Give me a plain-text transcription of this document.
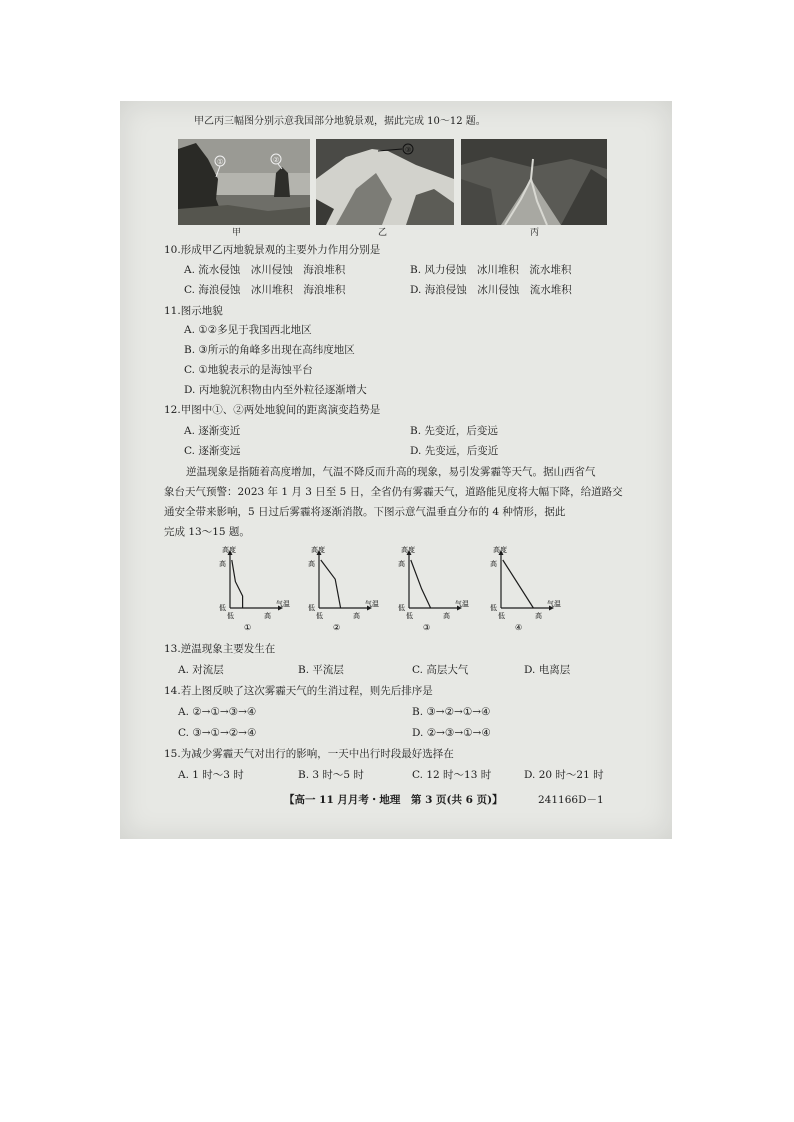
甲乙丙三幅图分别示意我国部分地貌景观，据此完成 10～12 题。
①	②
③
甲	乙	丙
10.形成甲乙丙地貌景观的主要外力作用分别是
A. 流水侵蚀　冰川侵蚀　海浪堆积	B. 风力侵蚀　冰川堆积　流水堆积
C. 海浪侵蚀　冰川堆积　海浪堆积	D. 海浪侵蚀　冰川侵蚀　流水堆积
11.图示地貌
A. ①②多见于我国西北地区
B. ③所示的角峰多出现在高纬度地区
C. ①地貌表示的是海蚀平台
D. 丙地貌沉积物由内至外粒径逐渐增大
12.甲图中①、②两处地貌间的距离演变趋势是
A. 逐渐变近	B. 先变近，后变远
C. 逐渐变远	D. 先变远，后变近
逆温现象是指随着高度增加，气温不降反而升高的现象，易引发雾霾等天气。据山西省气
象台天气预警：2023 年 1 月 3 日至 5 日，全省仍有雾霾天气，道路能见度将大幅下降，给道路交
通安全带来影响，5 日过后雾霾将逐渐消散。下图示意气温垂直分布的 4 种情形，据此
完成 13～15 题。
高度
高
低
低	高
气温
①
高度
高
低
低	高
气温
②
高度
高
低
低	高
气温
③
高度
高
低
低	高
气温
④
13.逆温现象主要发生在
A. 对流层	B. 平流层	C. 高层大气	D. 电离层
14.若上图反映了这次雾霾天气的生消过程，则先后排序是
A. ②→①→③→④	B. ③→②→①→④
C. ③→①→②→④	D. ②→③→①→④
15.为减少雾霾天气对出行的影响，一天中出行时段最好选择在
A. 1 时～3 时	B. 3 时～5 时	C. 12 时～13 时	D. 20 时～21 时
【高一 11 月月考・地理　第 3 页(共 6 页)】	241166D－1
